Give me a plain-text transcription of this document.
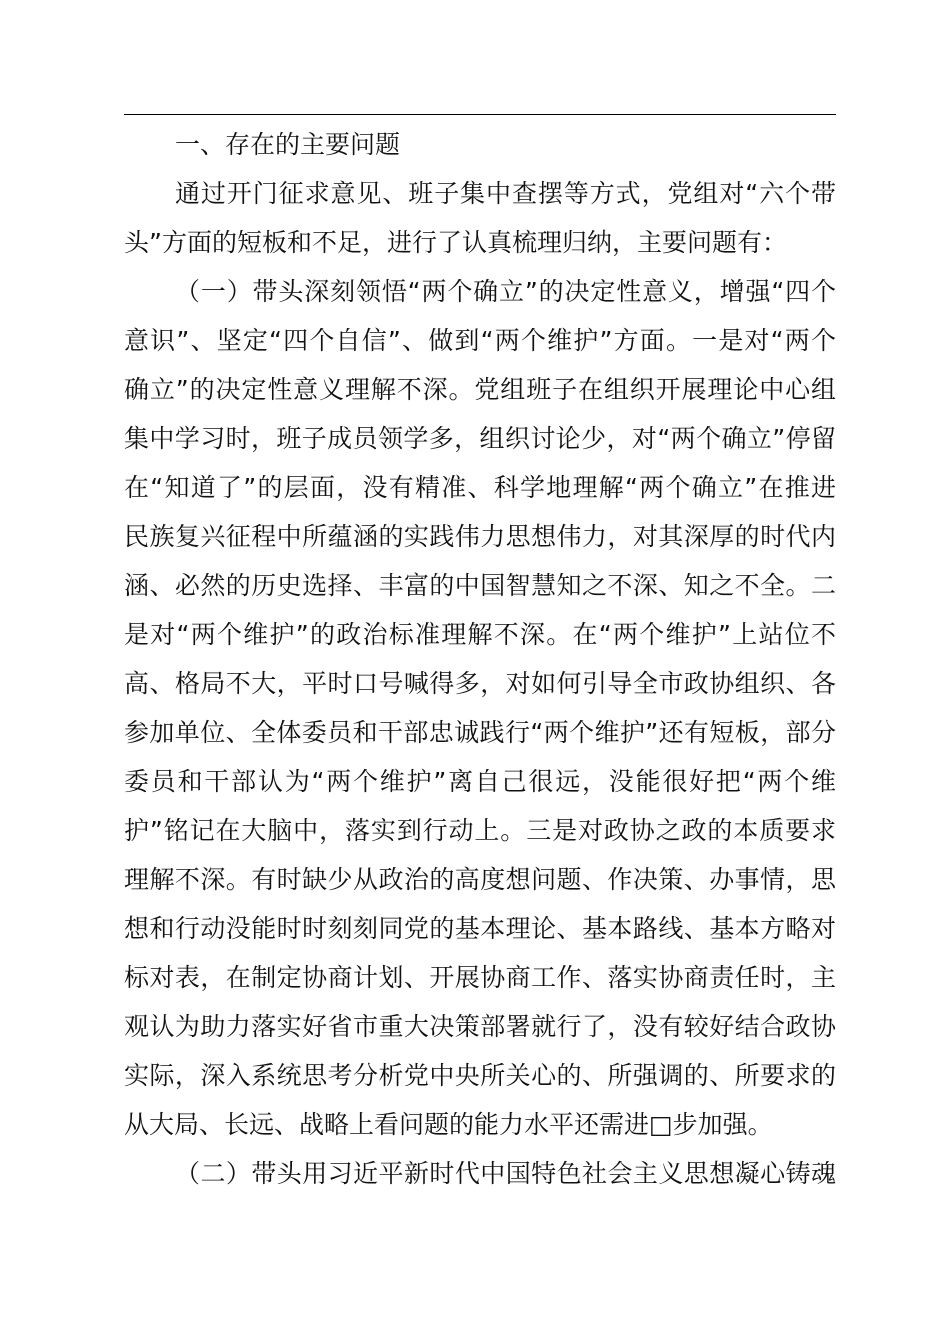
一、存在的主要问题
通过开门征求意见、班子集中查摆等方式，党组对“六个带
头”方面的短板和不足，进行了认真梳理归纳，主要问题有：
（一）带头深刻领悟“两个确立”的决定性意义，增强“四个
意识”、坚定“四个自信”、做到“两个维护”方面。一是对“两个
确立”的决定性意义理解不深。党组班子在组织开展理论中心组
集中学习时，班子成员领学多，组织讨论少，对“两个确立”停留
在“知道了”的层面，没有精准、科学地理解“两个确立”在推进
民族复兴征程中所蕴涵的实践伟力思想伟力，对其深厚的时代内
涵、必然的历史选择、丰富的中国智慧知之不深、知之不全。二
是对“两个维护”的政治标准理解不深。在“两个维护”上站位不
高、格局不大，平时口号喊得多，对如何引导全市政协组织、各
参加单位、全体委员和干部忠诚践行“两个维护”还有短板，部分
委员和干部认为“两个维护”离自己很远，没能很好把“两个维
护”铭记在大脑中，落实到行动上。三是对政协之政的本质要求
理解不深。有时缺少从政治的高度想问题、作决策、办事情，思
想和行动没能时时刻刻同党的基本理论、基本路线、基本方略对
标对表，在制定协商计划、开展协商工作、落实协商责任时，主
观认为助力落实好省市重大决策部署就行了，没有较好结合政协
实际，深入系统思考分析党中央所关心的、所强调的、所要求的
从大局、长远、战略上看问题的能力水平还需进□步加强。
（二）带头用习近平新时代中国特色社会主义思想凝心铸魂
